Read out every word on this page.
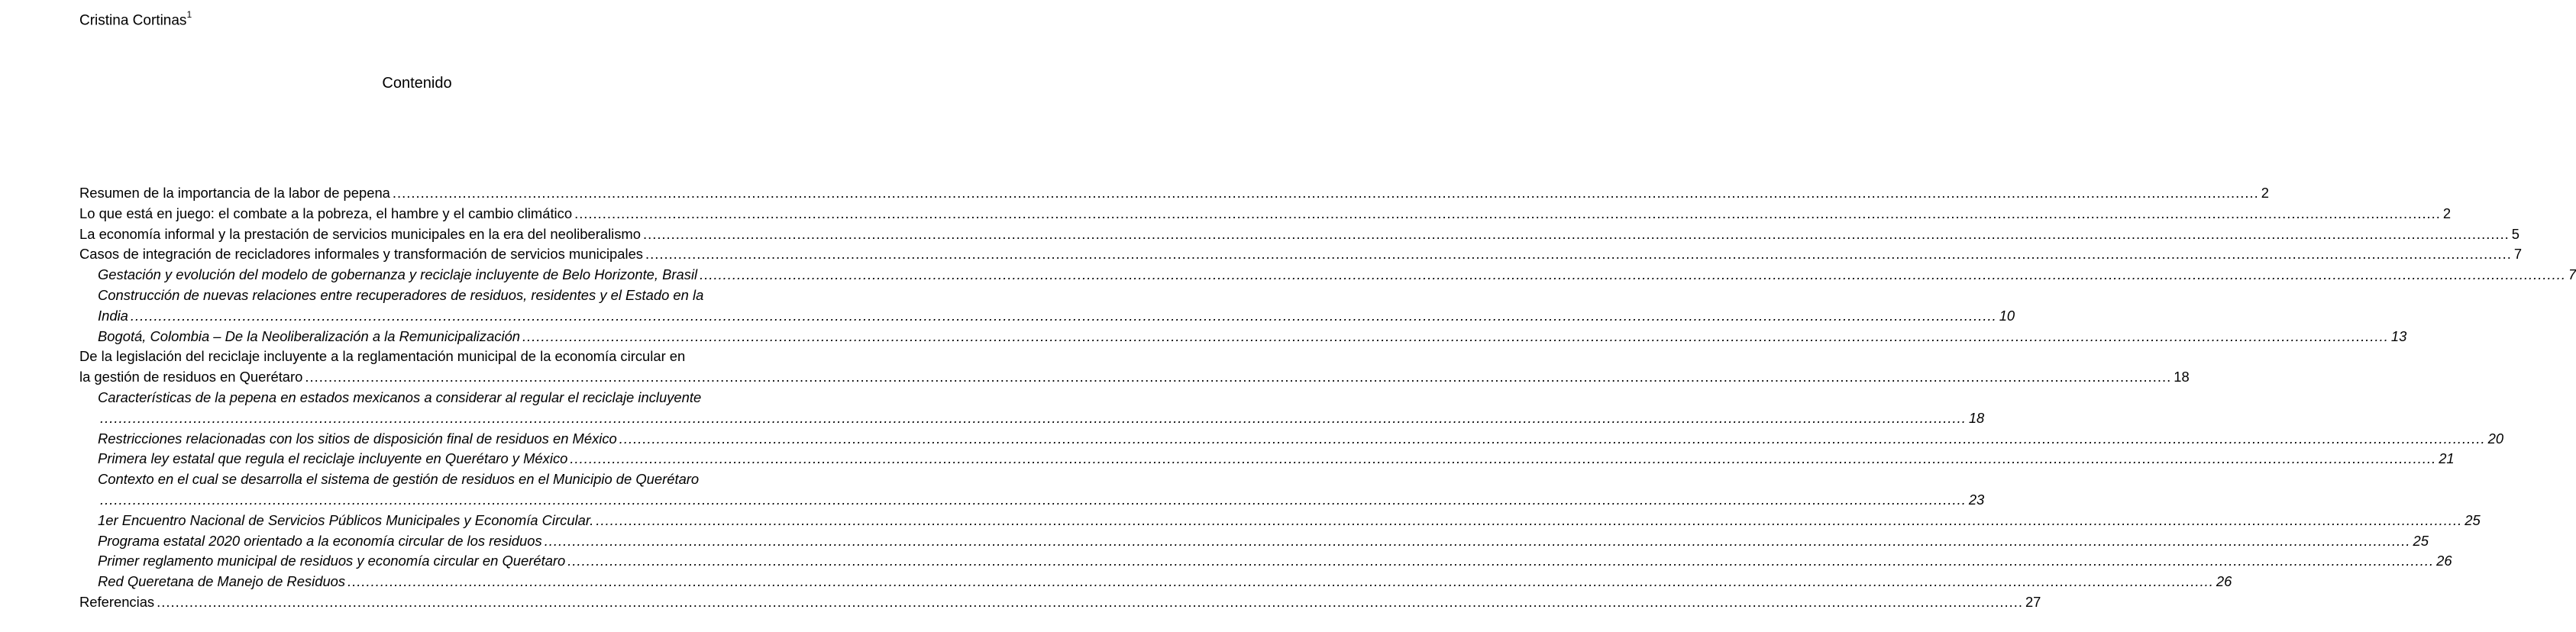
Cristina Cortinas$^1$
Contenido
Resumen de la importancia de la labor de pepena ................................................................................................................................................................................................................................................................................................................................................................................................................ 2
Lo que está en juego: el combate a la pobreza, el hambre y el cambio climático ................................................................................................................................................................................................................................................................................................................................................................................................................ 2
La economía informal y la prestación de servicios municipales en la era del neoliberalismo ................................................................................................................................................................................................................................................................................................................................................................................................................ 5
Casos de integración de recicladores informales y transformación de servicios municipales ................................................................................................................................................................................................................................................................................................................................................................................................................ 7
Gestación y evolución del modelo de gobernanza y reciclaje incluyente de Belo Horizonte, Brasil ................................................................................................................................................................................................................................................................................................................................................................................................................ 7
Construcción de nuevas relaciones entre recuperadores de residuos, residentes y el Estado en la
India ................................................................................................................................................................................................................................................................................................................................................................................................................ 10
Bogotá, Colombia – De la Neoliberalización a la Remunicipalización ................................................................................................................................................................................................................................................................................................................................................................................................................ 13
De la legislación del reciclaje incluyente a la reglamentación municipal de la economía circular en
la gestión de residuos en Querétaro ................................................................................................................................................................................................................................................................................................................................................................................................................ 18
Características de la pepena en estados mexicanos a considerar al regular el reciclaje incluyente
................................................................................................................................................................................................................................................................................................................................................................................................................ 18
Restricciones relacionadas con los sitios de disposición final de residuos en México ................................................................................................................................................................................................................................................................................................................................................................................................................ 20
Primera ley estatal que regula el reciclaje incluyente en Querétaro y México ................................................................................................................................................................................................................................................................................................................................................................................................................ 21
Contexto en el cual se desarrolla el sistema de gestión de residuos en el Municipio de Querétaro
................................................................................................................................................................................................................................................................................................................................................................................................................ 23
1er Encuentro Nacional de Servicios Públicos Municipales y Economía Circular. ................................................................................................................................................................................................................................................................................................................................................................................................................ 25
Programa estatal 2020 orientado a la economía circular de los residuos ................................................................................................................................................................................................................................................................................................................................................................................................................ 25
Primer reglamento municipal de residuos y economía circular en Querétaro ................................................................................................................................................................................................................................................................................................................................................................................................................ 26
Red Queretana de Manejo de Residuos ................................................................................................................................................................................................................................................................................................................................................................................................................ 26
Referencias ................................................................................................................................................................................................................................................................................................................................................................................................................ 27
